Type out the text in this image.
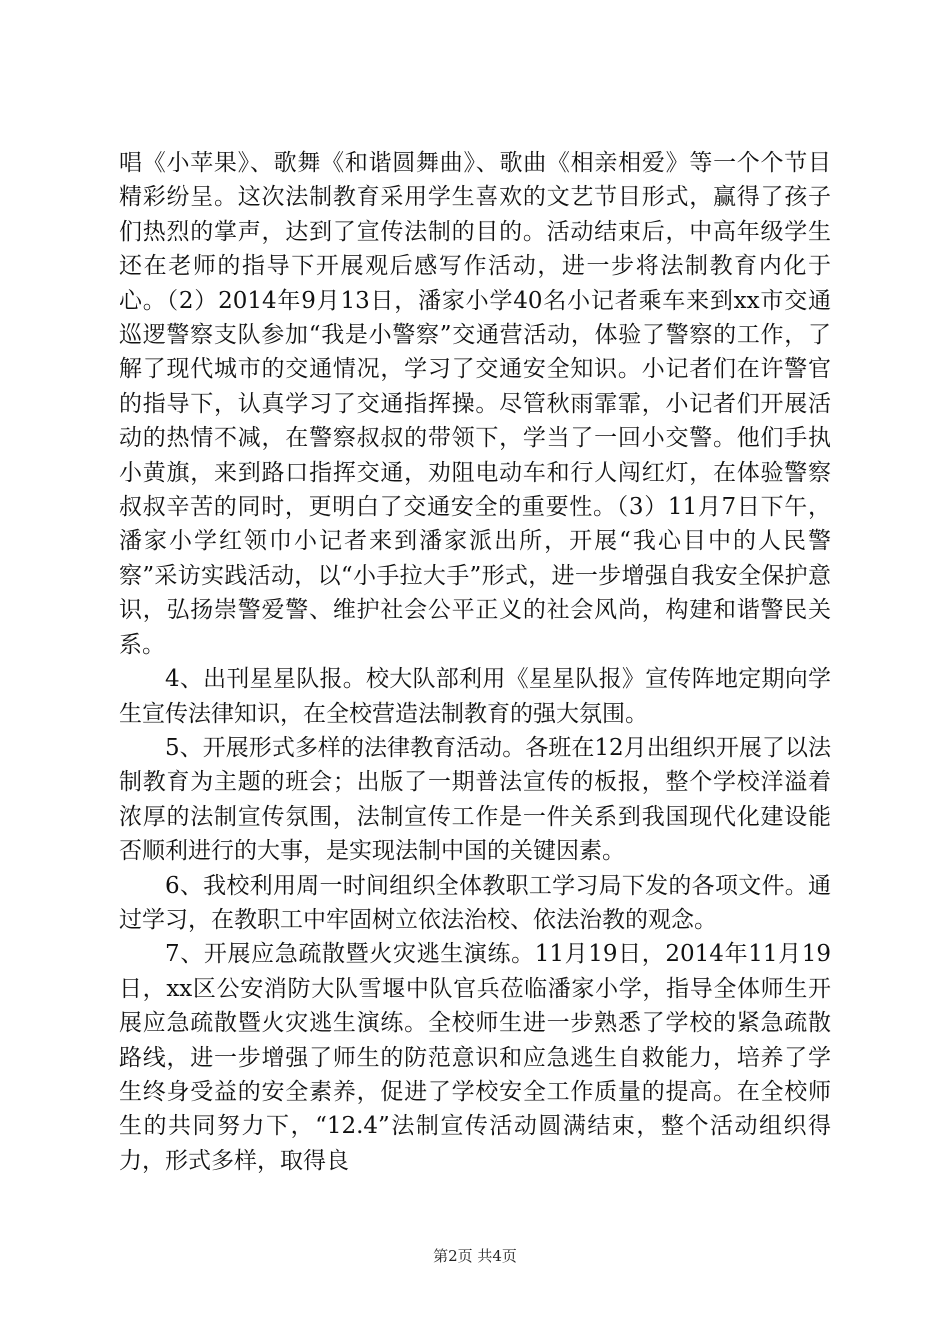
唱《小苹果》、歌舞《和谐圆舞曲》、歌曲《相亲相爱》等一个个节目精彩纷呈。这次法制教育采用学生喜欢的文艺节目形式，赢得了孩子们热烈的掌声，达到了宣传法制的目的。活动结束后，中高年级学生还在老师的指导下开展观后感写作活动，进一步将法制教育内化于心。（2）2014年9月13日，潘家小学40名小记者乘车来到xx市交通巡逻警察支队参加“我是小警察”交通营活动，体验了警察的工作，了解了现代城市的交通情况，学习了交通安全知识。小记者们在许警官的指导下，认真学习了交通指挥操。尽管秋雨霏霏，小记者们开展活动的热情不减，在警察叔叔的带领下，学当了一回小交警。他们手执小黄旗，来到路口指挥交通，劝阻电动车和行人闯红灯，在体验警察叔叔辛苦的同时，更明白了交通安全的重要性。（3）11月7日下午，潘家小学红领巾小记者来到潘家派出所，开展“我心目中的人民警察”采访实践活动，以“小手拉大手”形式，进一步增强自我安全保护意识，弘扬崇警爱警、维护社会公平正义的社会风尚，构建和谐警民关系。

4、出刊星星队报。校大队部利用《星星队报》宣传阵地定期向学生宣传法律知识，在全校营造法制教育的强大氛围。

5、开展形式多样的法律教育活动。各班在12月出组织开展了以法制教育为主题的班会；出版了一期普法宣传的板报，整个学校洋溢着浓厚的法制宣传氛围，法制宣传工作是一件关系到我国现代化建设能否顺利进行的大事，是实现法制中国的关键因素。

6、我校利用周一时间组织全体教职工学习局下发的各项文件。通过学习，在教职工中牢固树立依法治校、依法治教的观念。

7、开展应急疏散暨火灾逃生演练。11月19日，2014年11月19日，xx区公安消防大队雪堰中队官兵莅临潘家小学，指导全体师生开展应急疏散暨火灾逃生演练。全校师生进一步熟悉了学校的紧急疏散路线，进一步增强了师生的防范意识和应急逃生自救能力，培养了学生终身受益的安全素养，促进了学校安全工作质量的提高。在全校师生的共同努力下，“12.4”法制宣传活动圆满结束，整个活动组织得力，形式多样，取得良

第2页 共4页
